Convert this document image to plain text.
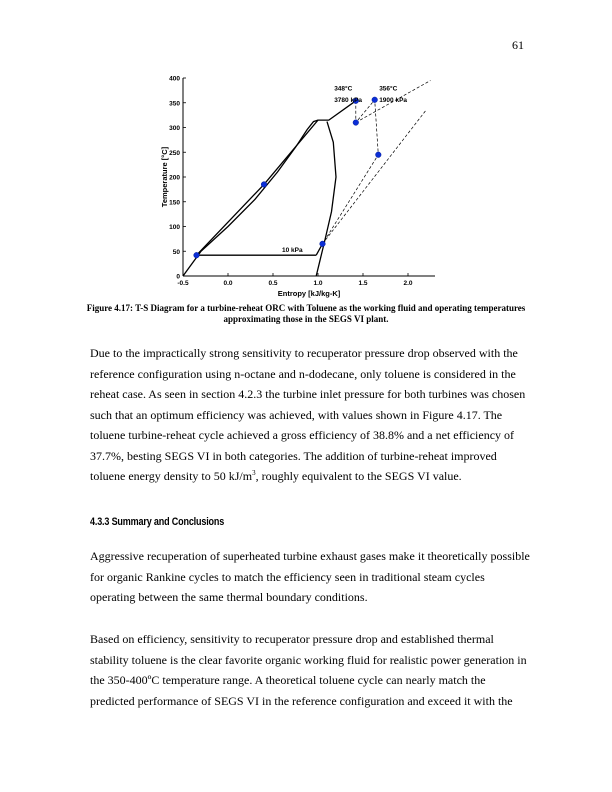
61
0
50
100
150
200
250
300
350
400
-0.5	0.0	0.5	1.0	1.5	2.0
Entropy [kJ/kg-K]
Temperature [°C]
10 kPa
348°C
3780 kPa
356°C
1900 kPa
Figure 4.17: T-S Diagram for a turbine-reheat ORC with Toluene as the working fluid and operating temperatures approximating those in the SEGS VI plant.

Due to the impractically strong sensitivity to recuperator pressure drop observed with the reference configuration using n-octane and n-dodecane, only toluene is considered in the reheat case. As seen in section 4.2.3 the turbine inlet pressure for both turbines was chosen such that an optimum efficiency was achieved, with values shown in Figure 4.17. The toluene turbine-reheat cycle achieved a gross efficiency of 38.8% and a net efficiency of 37.7%, besting SEGS VI in both categories. The addition of turbine-reheat improved toluene energy density to 50 $kJ/m^3$, roughly equivalent to the SEGS VI value.

4.3.3 Summary and Conclusions

Aggressive recuperation of superheated turbine exhaust gases make it theoretically possible for organic Rankine cycles to match the efficiency seen in traditional steam cycles operating between the same thermal boundary conditions.

Based on efficiency, sensitivity to recuperator pressure drop and established thermal stability toluene is the clear favorite organic working fluid for realistic power generation in the 350-400ºC temperature range. A theoretical toluene cycle can nearly match the predicted performance of SEGS VI in the reference configuration and exceed it with the
